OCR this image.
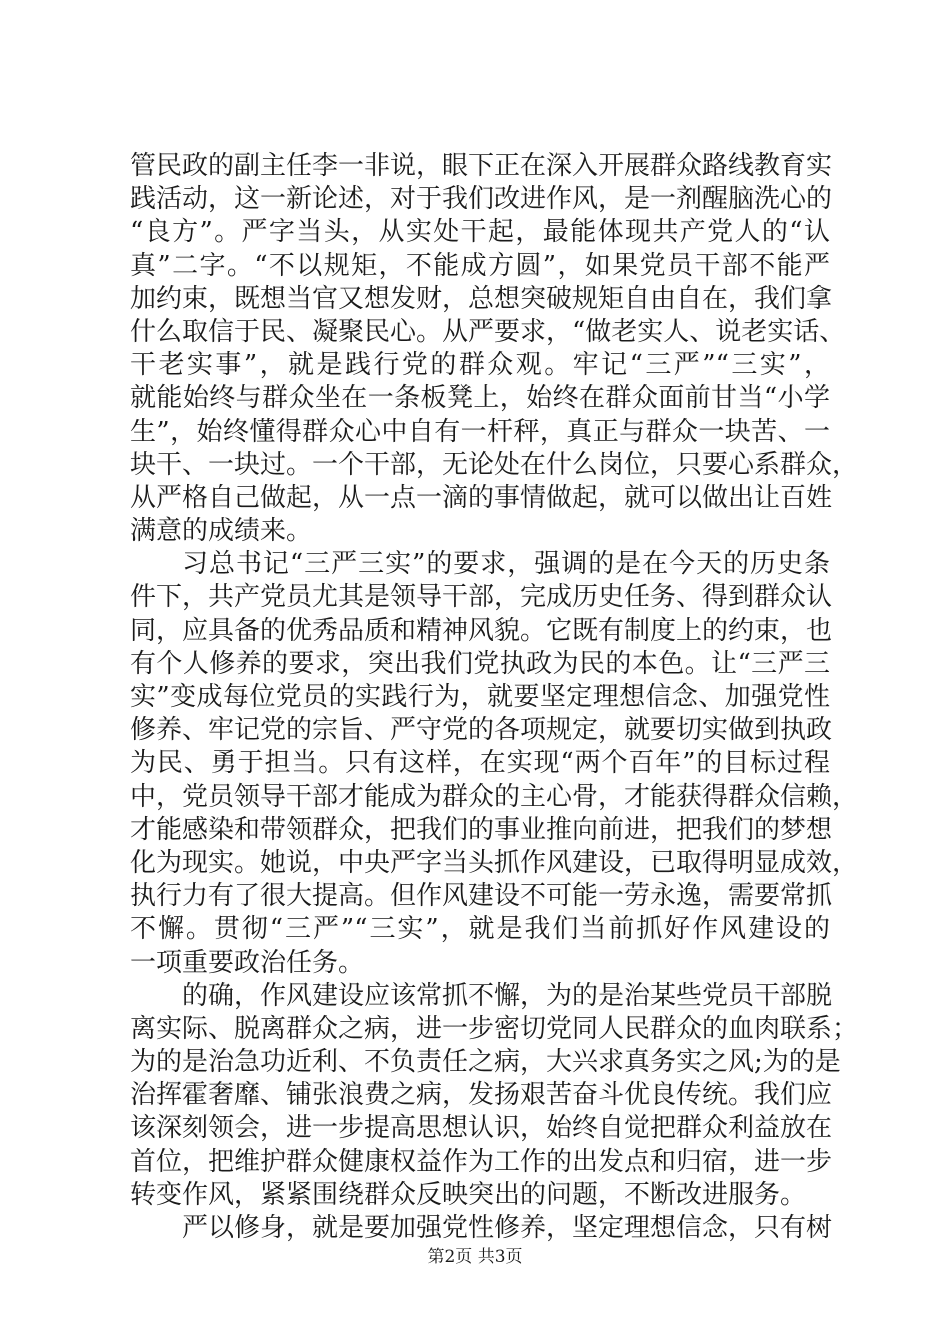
管民政的副主任李一非说，眼下正在深入开展群众路线教育实
践活动，这一新论述，对于我们改进作风，是一剂醒脑洗心的
“良方”。严字当头，从实处干起，最能体现共产党人的“认
真”二字。“不以规矩，不能成方圆”，如果党员干部不能严
加约束，既想当官又想发财，总想突破规矩自由自在，我们拿
什么取信于民、凝聚民心。从严要求，“做老实人、说老实话、
干老实事”，就是践行党的群众观。牢记“三严”“三实”，
就能始终与群众坐在一条板凳上，始终在群众面前甘当“小学
生”，始终懂得群众心中自有一杆秤，真正与群众一块苦、一
块干、一块过。一个干部，无论处在什么岗位，只要心系群众，
从严格自己做起，从一点一滴的事情做起，就可以做出让百姓
满意的成绩来。
习总书记“三严三实”的要求，强调的是在今天的历史条
件下，共产党员尤其是领导干部，完成历史任务、得到群众认
同，应具备的优秀品质和精神风貌。它既有制度上的约束，也
有个人修养的要求，突出我们党执政为民的本色。让“三严三
实”变成每位党员的实践行为，就要坚定理想信念、加强党性
修养、牢记党的宗旨、严守党的各项规定，就要切实做到执政
为民、勇于担当。只有这样，在实现“两个百年”的目标过程
中，党员领导干部才能成为群众的主心骨，才能获得群众信赖，
才能感染和带领群众，把我们的事业推向前进，把我们的梦想
化为现实。她说，中央严字当头抓作风建设，已取得明显成效，
执行力有了很大提高。但作风建设不可能一劳永逸，需要常抓
不懈。贯彻“三严”“三实”，就是我们当前抓好作风建设的
一项重要政治任务。
的确，作风建设应该常抓不懈，为的是治某些党员干部脱
离实际、脱离群众之病，进一步密切党同人民群众的血肉联系；
为的是治急功近利、不负责任之病，大兴求真务实之风;为的是
治挥霍奢靡、铺张浪费之病，发扬艰苦奋斗优良传统。我们应
该深刻领会，进一步提高思想认识，始终自觉把群众利益放在
首位，把维护群众健康权益作为工作的出发点和归宿，进一步
转变作风，紧紧围绕群众反映突出的问题，不断改进服务。
严以修身，就是要加强党性修养，坚定理想信念，只有树
第2页 共3页
